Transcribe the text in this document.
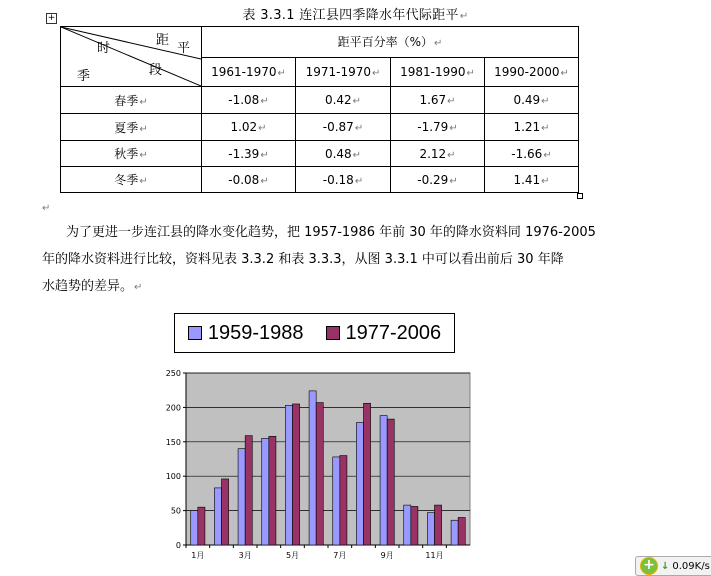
表 3.3.1 连江县四季降水年代际距平↵
+
距
平
时
段
季	距平百分率（%）↵			
	1961-1970↵	1971-1970↵	1981-1990↵	1990-2000↵
春季↵	-1.08↵	0.42↵	1.67↵	0.49↵
夏季↵	1.02↵	-0.87↵	-1.79↵	1.21↵
秋季↵	-1.39↵	0.48↵	2.12↵	-1.66↵
冬季↵	-0.08↵	-0.18↵	-0.29↵	1.41↵
↵
为了更进一步连江县的降水变化趋势，把 1957-1986 年前 30 年的降水资料同 1976-2005
年的降水资料进行比较，资料见表 3.3.2 和表 3.3.3，从图 3.3.1 中可以看出前后 30 年降
水趋势的差异。↵
1959-1988 1977-2006
0
50
100
150
200
250
1月	3月	5月	7月	9月	11月
+ ↓ 0.09K/s
